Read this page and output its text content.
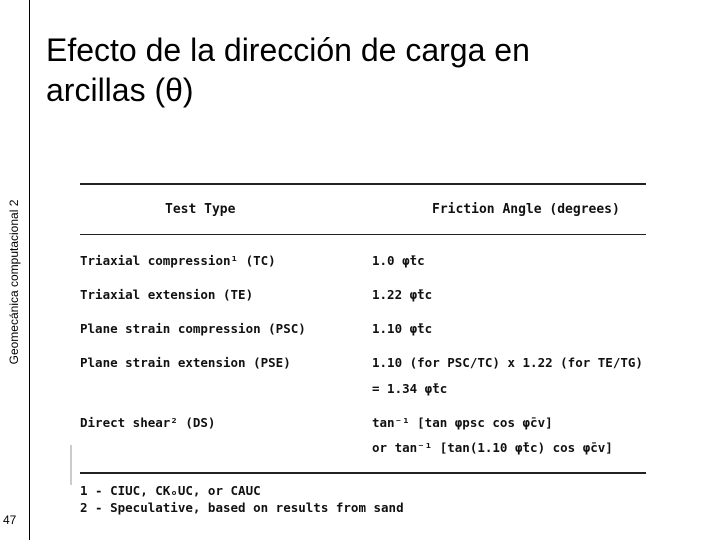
Geomecánica computacional 2
47
Efecto de la dirección de carga en
arcillas (θ)
Test Type	Friction Angle (degrees)
Triaxial compression¹ (TC)	1.0 φ̄tc
Triaxial extension (TE)	1.22 φ̄tc
Plane strain compression (PSC)	1.10 φ̄tc
Plane strain extension (PSE)	1.10 (for PSC/TC) x 1.22 (for TE/TG)
= 1.34 φ̄tc
Direct shear² (DS)	tan⁻¹ [tan φpsc cos φ̄cv]
or tan⁻¹ [tan(1.10 φ̄tc) cos φ̄cv]
1 - CIUC, CKₒUC, or CAUC
2 - Speculative, based on results from sand
